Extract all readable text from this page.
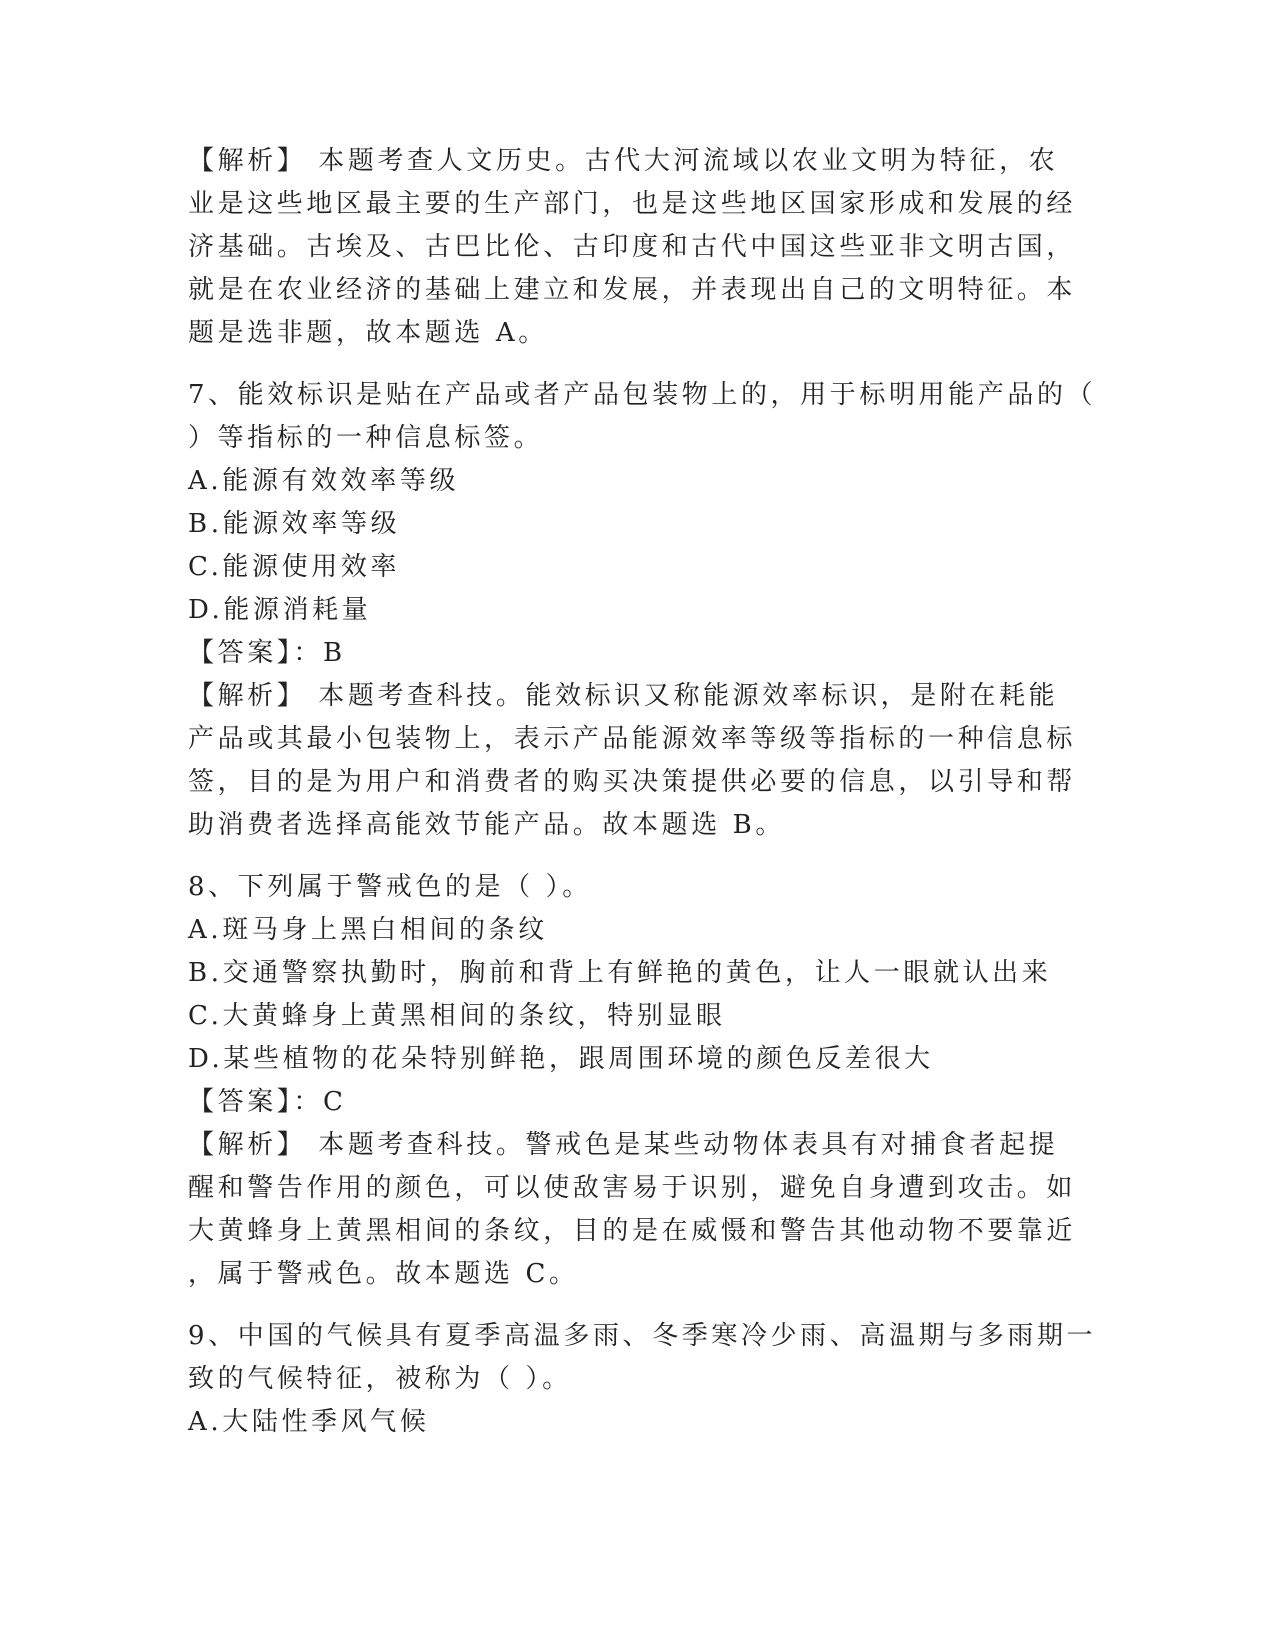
【解析】 本题考查人文历史。古代大河流域以农业文明为特征，农
业是这些地区最主要的生产部门，也是这些地区国家形成和发展的经
济基础。古埃及、古巴比伦、古印度和古代中国这些亚非文明古国，
就是在农业经济的基础上建立和发展，并表现出自己的文明特征。本
题是选非题，故本题选 A。
7、能效标识是贴在产品或者产品包装物上的，用于标明用能产品的（
）等指标的一种信息标签。
A.能源有效效率等级
B.能源效率等级
C.能源使用效率
D.能源消耗量
【答案】：B
【解析】 本题考查科技。能效标识又称能源效率标识，是附在耗能
产品或其最小包装物上，表示产品能源效率等级等指标的一种信息标
签，目的是为用户和消费者的购买决策提供必要的信息，以引导和帮
助消费者选择高能效节能产品。故本题选 B。
8、下列属于警戒色的是（ ）。
A.斑马身上黑白相间的条纹
B.交通警察执勤时，胸前和背上有鲜艳的黄色，让人一眼就认出来
C.大黄蜂身上黄黑相间的条纹，特别显眼
D.某些植物的花朵特别鲜艳，跟周围环境的颜色反差很大
【答案】：C
【解析】 本题考查科技。警戒色是某些动物体表具有对捕食者起提
醒和警告作用的颜色，可以使敌害易于识别，避免自身遭到攻击。如
大黄蜂身上黄黑相间的条纹，目的是在威慑和警告其他动物不要靠近
，属于警戒色。故本题选 C。
9、中国的气候具有夏季高温多雨、冬季寒冷少雨、高温期与多雨期一
致的气候特征，被称为（ ）。
A.大陆性季风气候
